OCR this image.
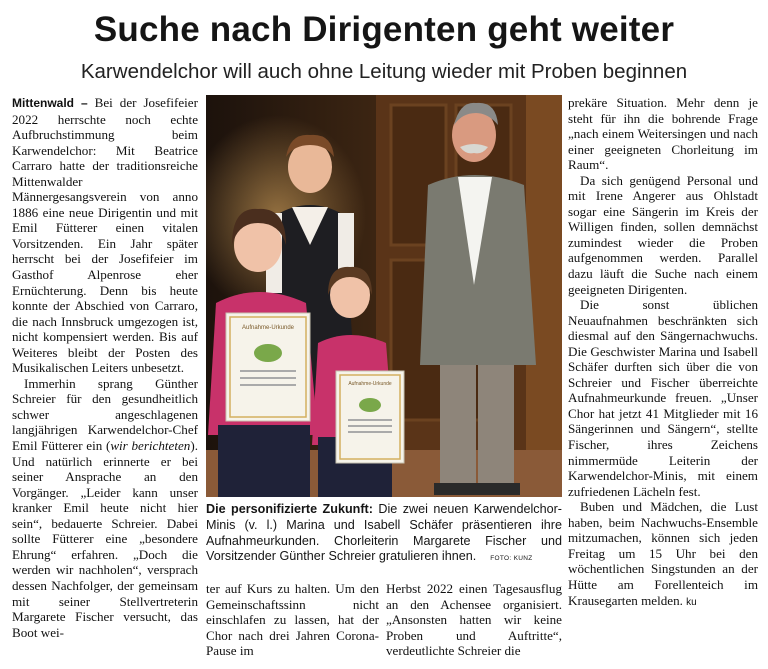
Suche nach Dirigenten geht weiter
Karwendelchor will auch ohne Leitung wieder mit Proben beginnen

Mittenwald – Bei der Josefifeier 2022 herrschte noch echte Aufbruchstimmung beim Karwendelchor: Mit Beatrice Carraro hatte der traditionsreiche Mittenwalder Männergesangsverein von anno 1886 eine neue Dirigentin und mit Emil Fütterer einen vitalen Vorsitzenden. Ein Jahr später herrscht bei der Josefifeier im Gasthof Alpenrose eher Ernüchterung. Denn bis heute konnte der Abschied von Carraro, die nach Innsbruck umgezogen ist, nicht kompensiert werden. Bis auf Weiteres bleibt der Posten des Musikalischen Leiters unbesetzt.

Immerhin sprang Günther Schreier für den gesundheitlich schwer angeschlagenen langjährigen Karwendelchor-Chef Emil Fütterer ein (wir berichteten). Und natürlich erinnerte er bei seiner Ansprache an den Vorgänger. „Leider kann unser kranker Emil heute nicht hier sein“, bedauerte Schreier. Dabei sollte Fütterer eine „besondere Ehrung“ erfahren. „Doch die werden wir nachholen“, versprach dessen Nachfolger, der gemeinsam mit seiner Stellvertreterin Margarete Fischer versucht, das Boot wei-

Aufnahme-Urkunde
Aufnahme-Urkunde
Die personifizierte Zukunft: Die zwei neuen Karwendelchor-Minis (v. l.) Marina und Isabell Schäfer präsentieren ihre Aufnahmeurkunden. Chorleiterin Margarete Fischer und Vorsitzender Günther Schreier gratulieren ihnen. FOTO: KUNZ

ter auf Kurs zu halten. Um den Gemeinschaftssinn nicht einschlafen zu lassen, hat der Chor nach drei Jahren Corona-Pause im

Herbst 2022 einen Tagesausflug an den Achensee organisiert. „Ansonsten hatten wir keine Proben und Auftritte“, verdeutlichte Schreier die

prekäre Situation. Mehr denn je steht für ihn die bohrende Frage „nach einem Weitersingen und nach einer geeigneten Chorleitung im Raum“.

Da sich genügend Personal und mit Irene Angerer aus Ohlstadt sogar eine Sängerin im Kreis der Willigen finden, sollen demnächst zumindest wieder die Proben aufgenommen werden. Parallel dazu läuft die Suche nach einem geeigneten Dirigenten.

Die sonst üblichen Neuaufnahmen beschränkten sich diesmal auf den Sängernachwuchs. Die Geschwister Marina und Isabell Schäfer durften sich über die von Schreier und Fischer überreichte Aufnahmeurkunde freuen. „Unser Chor hat jetzt 41 Mitglieder mit 16 Sängerinnen und Sängern“, stellte Fischer, ihres Zeichens nimmermüde Leiterin der Karwendelchor-Minis, mit einem zufriedenen Lächeln fest.

Buben und Mädchen, die Lust haben, beim Nachwuchs-Ensemble mitzumachen, können sich jeden Freitag um 15 Uhr bei den wöchentlichen Singstunden an der Hütte am Forellenteich im Krausegarten melden. ku
